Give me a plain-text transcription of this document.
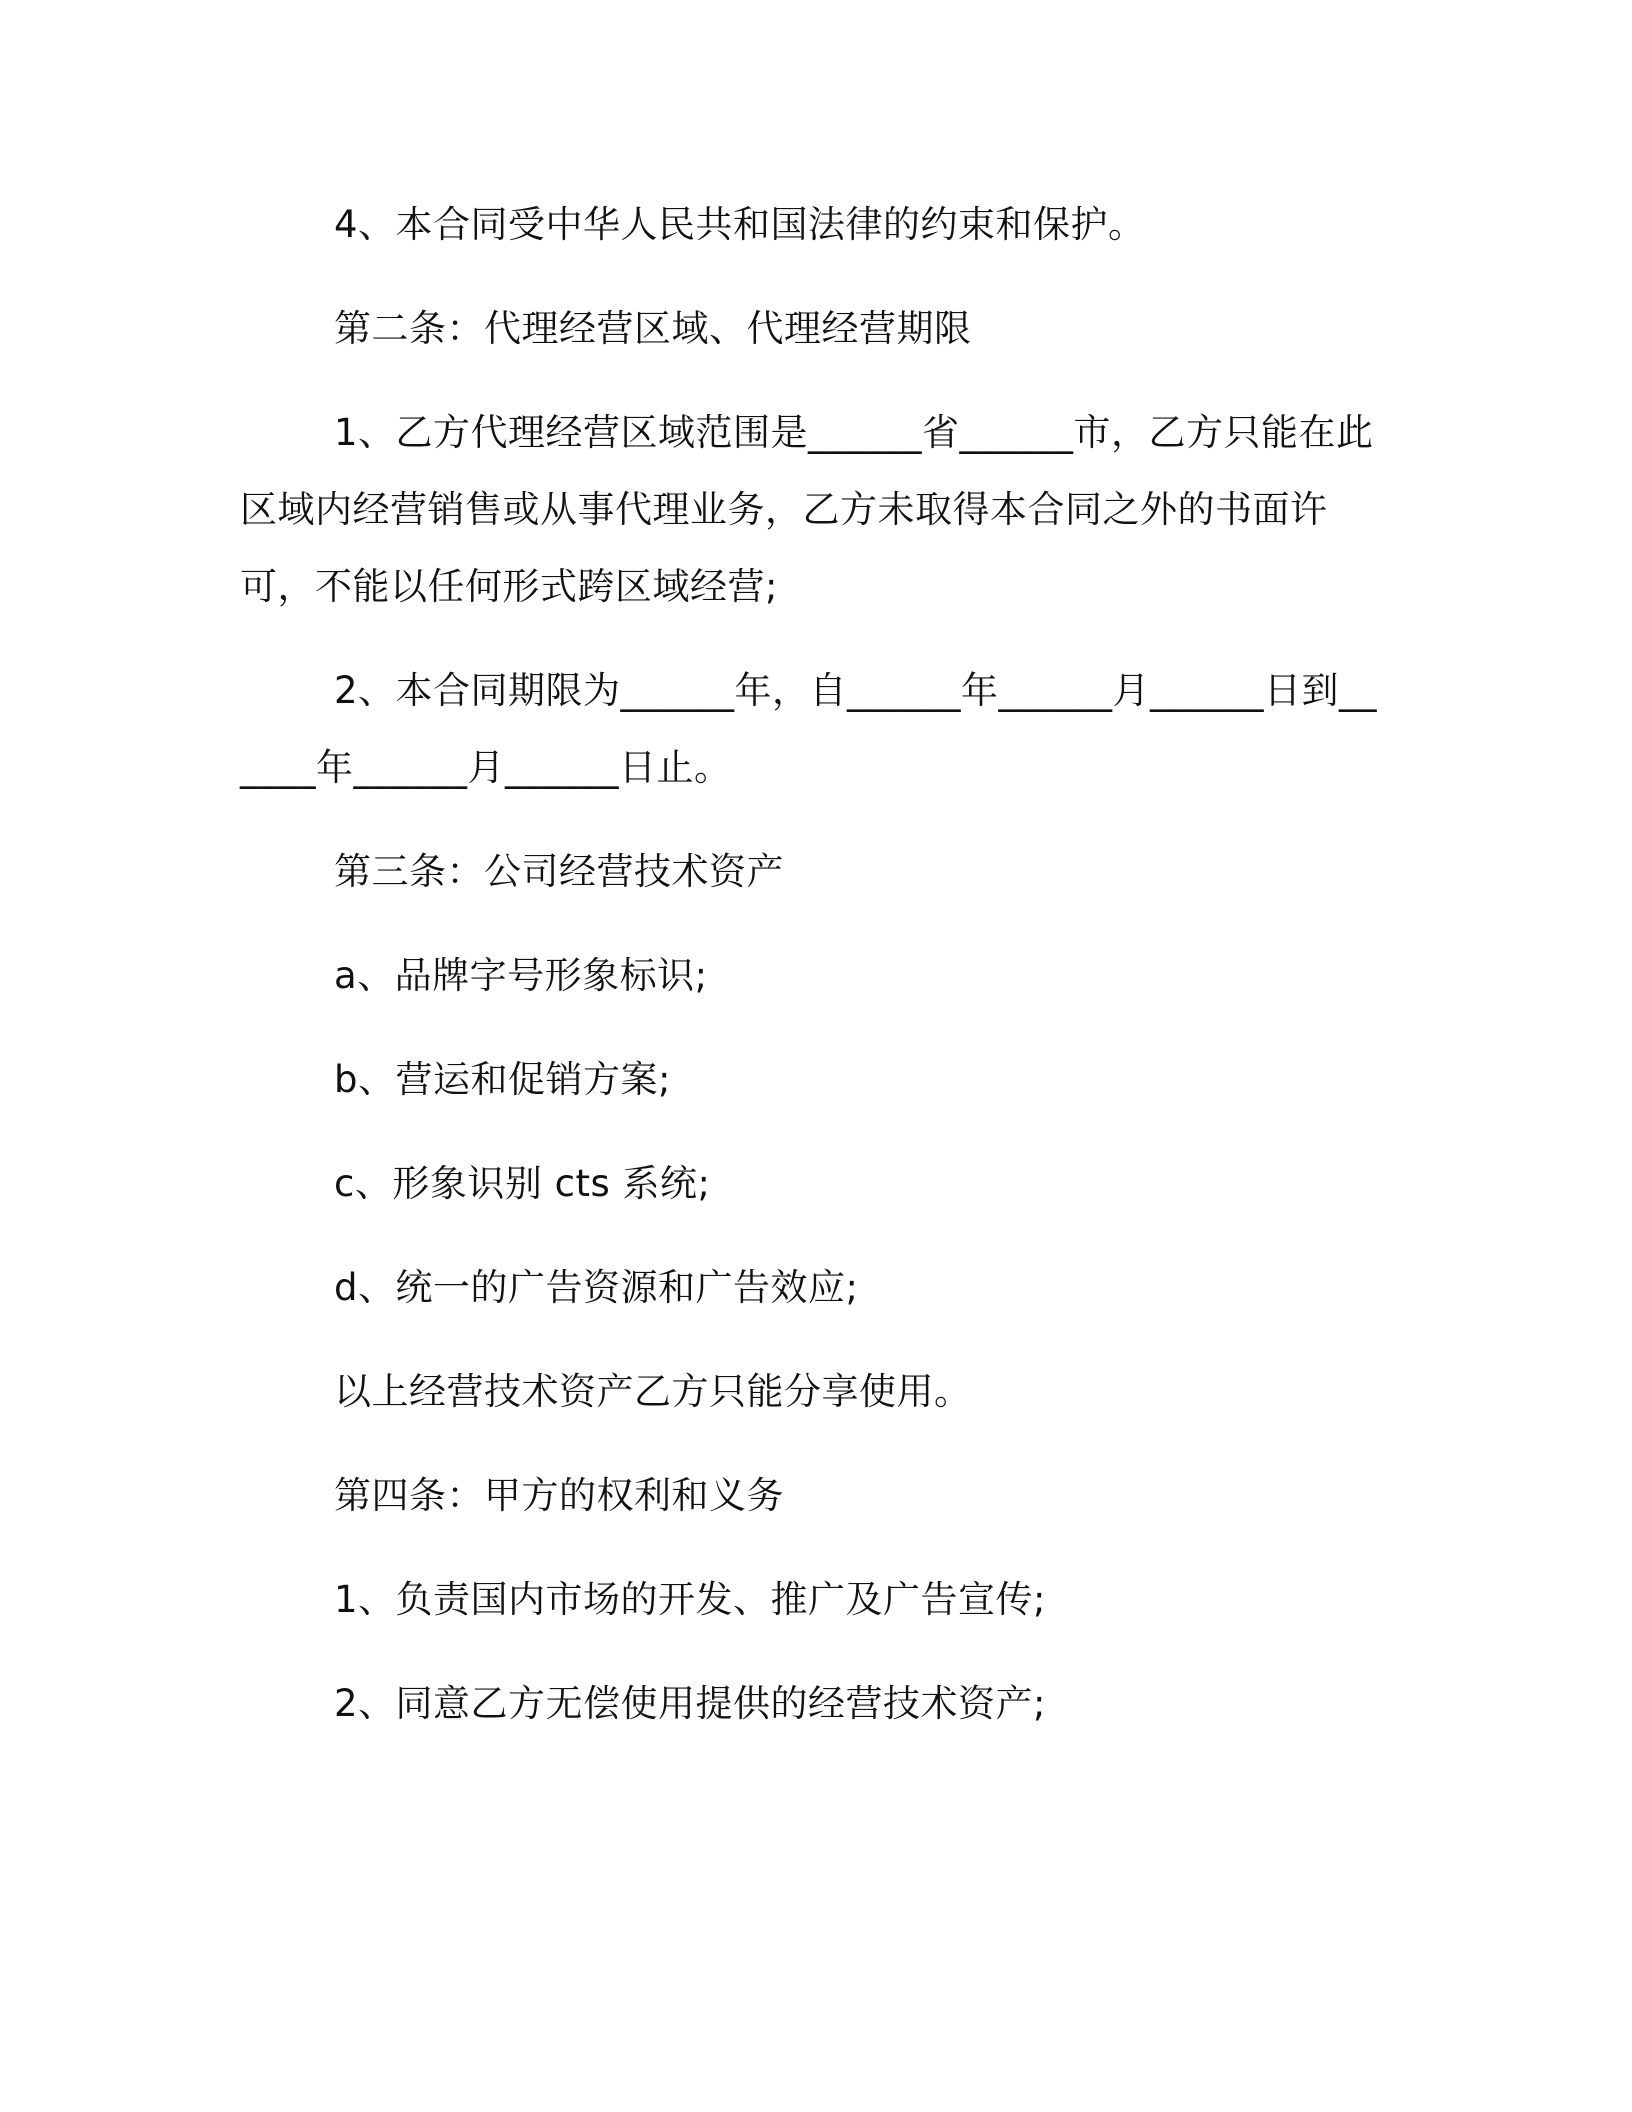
4、本合同受中华人民共和国法律的约束和保护。

第二条：代理经营区域、代理经营期限

1、乙方代理经营区域范围是______省______市，乙方只能在此区域内经营销售或从事代理业务，乙方未取得本合同之外的书面许可，不能以任何形式跨区域经营;

2、本合同期限为______年，自______年______月______日到______年______月______日止。

第三条：公司经营技术资产

a、品牌字号形象标识;

b、营运和促销方案;

c、形象识别 cts 系统;

d、统一的广告资源和广告效应;

以上经营技术资产乙方只能分享使用。

第四条：甲方的权利和义务

1、负责国内市场的开发、推广及广告宣传;

2、同意乙方无偿使用提供的经营技术资产;
